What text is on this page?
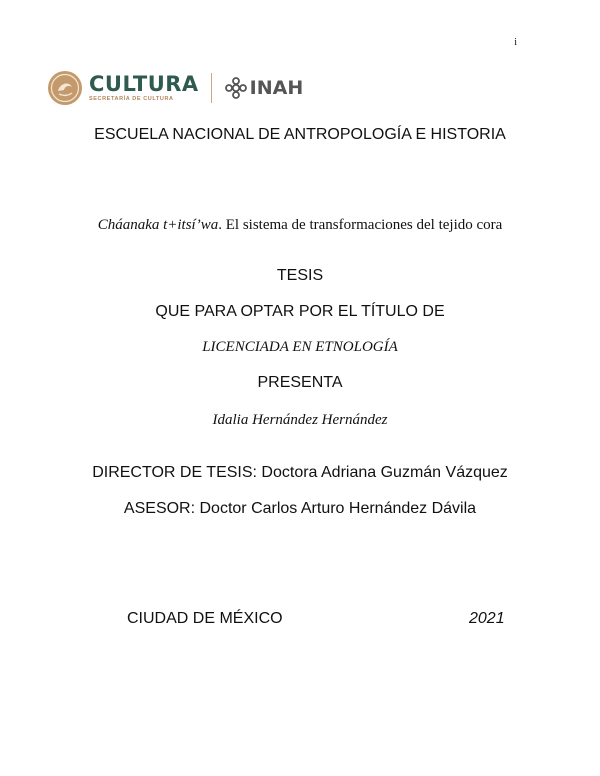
i
CULTURA
SECRETARÍA DE CULTURA	INAH
ESCUELA NACIONAL DE ANTROPOLOGÍA E HISTORIA
Cháanaka t+itsí’wa. El sistema de transformaciones del tejido cora
TESIS
QUE PARA OPTAR POR EL TÍTULO DE
LICENCIADA EN ETNOLOGÍA
PRESENTA
Idalia Hernández Hernández
DIRECTOR DE TESIS: Doctora Adriana Guzmán Vázquez
ASESOR: Doctor Carlos Arturo Hernández Dávila
CIUDAD DE MÉXICO	2021
